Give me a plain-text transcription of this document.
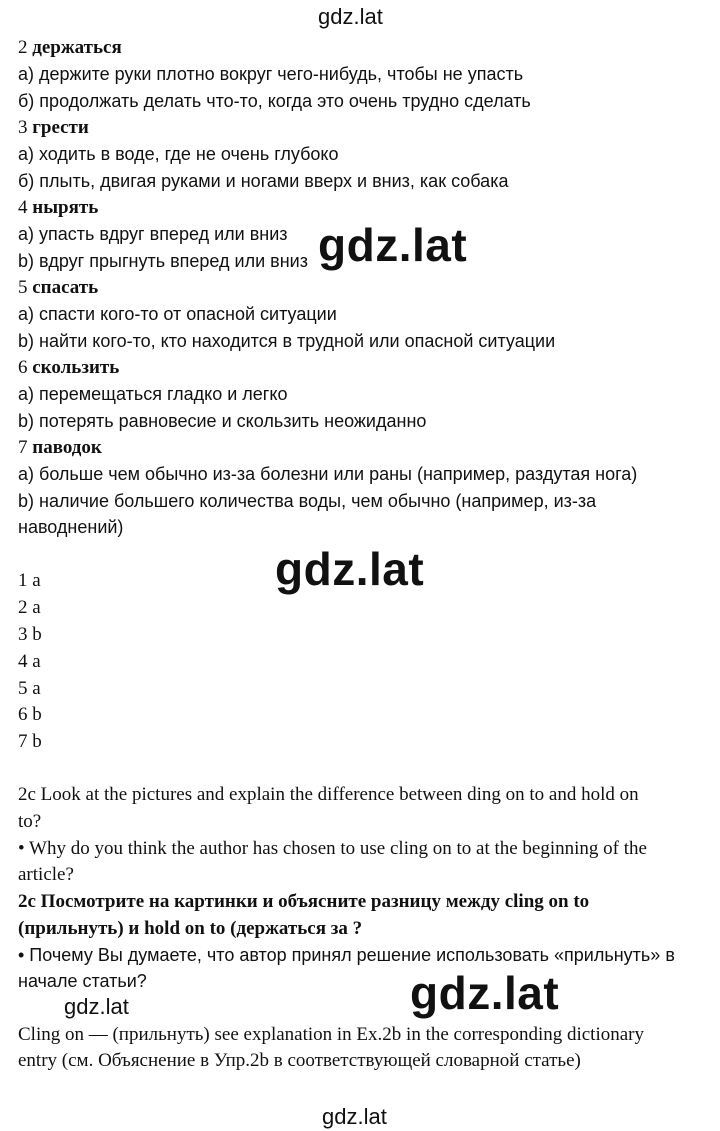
gdz.lat
gdz.lat
gdz.lat
gdz.lat	gdz.lat
gdz.lat
2 держаться
а) держите руки плотно вокруг чего-нибудь, чтобы не упасть
б) продолжать делать что-то, когда это очень трудно сделать
3 грести
а) ходить в воде, где не очень глубоко
б) плыть, двигая руками и ногами вверх и вниз, как собака
4 нырять
а) упасть вдруг вперед или вниз
b) вдруг прыгнуть вперед или вниз
5 спасать
а) спасти кого-то от опасной ситуации
b) найти кого-то, кто находится в трудной или опасной ситуации
6 скользить
а) перемещаться гладко и легко
b) потерять равновесие и скользить неожиданно
7 паводок
а) больше чем обычно из-за болезни или раны (например, раздутая нога)
b) наличие большего количества воды, чем обычно (например, из-за
наводнений)
1 a
2 a
3 b
4 a
5 a
6 b
7 b
2c Look at the pictures and explain the difference between ding on to and hold on
to?
• Why do you think the author has chosen to use cling on to at the beginning of the
article?
2c Посмотрите на картинки и объясните разницу между cling on to
(прильнуть) и hold on to (держаться за ?
• Почему Вы думаете, что автор принял решение использовать «прильнуть» в
начале статьи?
Cling on — (прильнуть) see explanation in Ex.2b in the corresponding dictionary
entry (см. Объяснение в Упр.2b в соответствующей словарной статье)
